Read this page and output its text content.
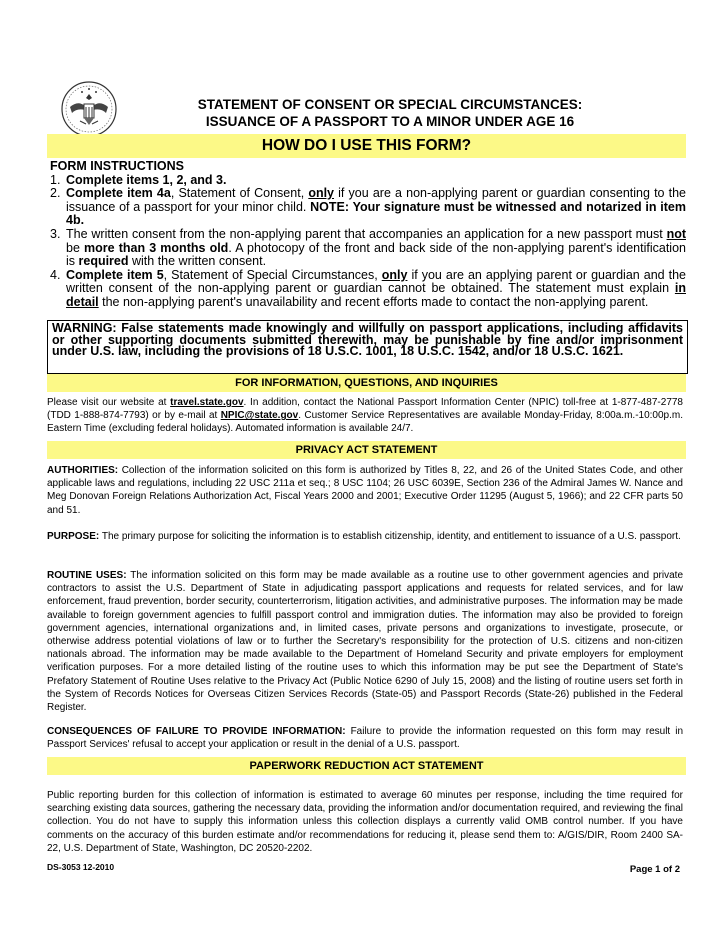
STATEMENT OF CONSENT OR SPECIAL CIRCUMSTANCES:
ISSUANCE OF A PASSPORT TO A MINOR UNDER AGE 16
HOW DO I USE THIS FORM?
FORM INSTRUCTIONS
1. Complete items 1, 2, and 3.
2. Complete item 4a, Statement of Consent, only if you are a non-applying parent or guardian consenting to the issuance of a passport for your minor child. NOTE: Your signature must be witnessed and notarized in item 4b.
3. The written consent from the non-applying parent that accompanies an application for a new passport must not be more than 3 months old. A photocopy of the front and back side of the non-applying parent's identification is required with the written consent.
4. Complete item 5, Statement of Special Circumstances, only if you are an applying parent or guardian and the written consent of the non-applying parent or guardian cannot be obtained. The statement must explain in detail the non-applying parent's unavailability and recent efforts made to contact the non-applying parent.
WARNING: False statements made knowingly and willfully on passport applications, including affidavits or other supporting documents submitted therewith, may be punishable by fine and/or imprisonment under U.S. law, including the provisions of 18 U.S.C. 1001, 18 U.S.C. 1542, and/or 18 U.S.C. 1621.
FOR INFORMATION, QUESTIONS, AND INQUIRIES
Please visit our website at travel.state.gov. In addition, contact the National Passport Information Center (NPIC) toll-free at 1-877-487-2778 (TDD 1-888-874-7793) or by e-mail at NPIC@state.gov. Customer Service Representatives are available Monday-Friday, 8:00a.m.-10:00p.m. Eastern Time (excluding federal holidays). Automated information is available 24/7.
PRIVACY ACT STATEMENT
AUTHORITIES: Collection of the information solicited on this form is authorized by Titles 8, 22, and 26 of the United States Code, and other applicable laws and regulations, including 22 USC 211a et seq.; 8 USC 1104; 26 USC 6039E, Section 236 of the Admiral James W. Nance and Meg Donovan Foreign Relations Authorization Act, Fiscal Years 2000 and 2001; Executive Order 11295 (August 5, 1966); and 22 CFR parts 50 and 51.
PURPOSE: The primary purpose for soliciting the information is to establish citizenship, identity, and entitlement to issuance of a U.S. passport.
ROUTINE USES: The information solicited on this form may be made available as a routine use to other government agencies and private contractors to assist the U.S. Department of State in adjudicating passport applications and requests for related services, and for law enforcement, fraud prevention, border security, counterterrorism, litigation activities, and administrative purposes. The information may be made available to foreign government agencies to fulfill passport control and immigration duties. The information may also be provided to foreign government agencies, international organizations and, in limited cases, private persons and organizations to investigate, prosecute, or otherwise address potential violations of law or to further the Secretary's responsibility for the protection of U.S. citizens and non-citizen nationals abroad. The information may be made available to the Department of Homeland Security and private employers for employment verification purposes. For a more detailed listing of the routine uses to which this information may be put see the Department of State's Prefatory Statement of Routine Uses relative to the Privacy Act (Public Notice 6290 of July 15, 2008) and the listing of routine users set forth in the System of Records Notices for Overseas Citizen Services Records (State-05) and Passport Records (State-26) published in the Federal Register.
CONSEQUENCES OF FAILURE TO PROVIDE INFORMATION: Failure to provide the information requested on this form may result in Passport Services' refusal to accept your application or result in the denial of a U.S. passport.
PAPERWORK REDUCTION ACT STATEMENT
Public reporting burden for this collection of information is estimated to average 60 minutes per response, including the time required for searching existing data sources, gathering the necessary data, providing the information and/or documentation required, and reviewing the final collection. You do not have to supply this information unless this collection displays a currently valid OMB control number. If you have comments on the accuracy of this burden estimate and/or recommendations for reducing it, please send them to: A/GIS/DIR, Room 2400 SA-22, U.S. Department of State, Washington, DC 20520-2202.
DS-3053 12-2010	Page 1 of 2
